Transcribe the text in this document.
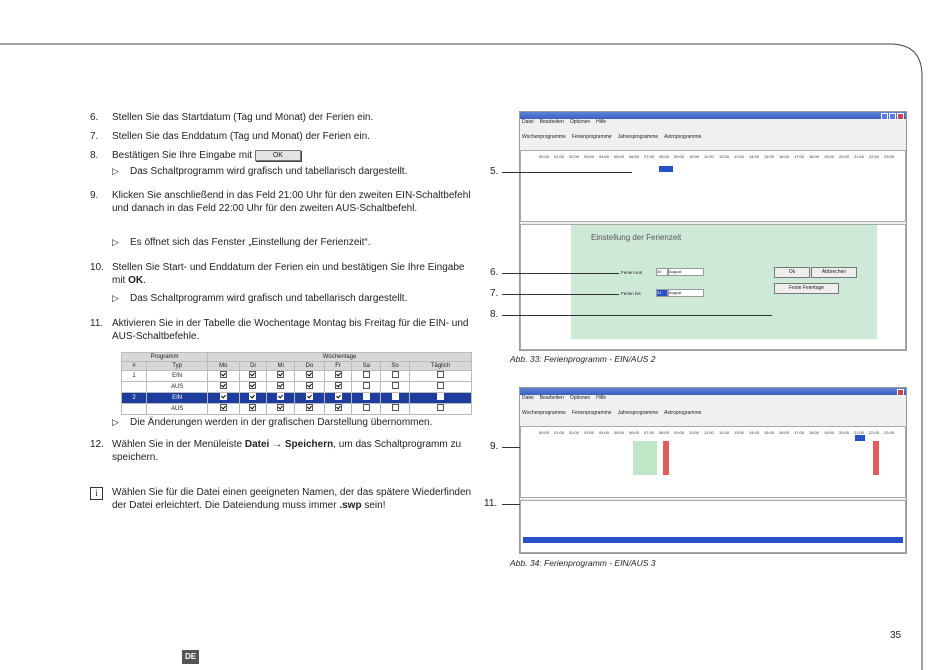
6. Stellen Sie das Startdatum (Tag und Monat) der Ferien ein.
7. Stellen Sie das Enddatum (Tag und Monat) der Ferien ein.
8. Bestätigen Sie Ihre Eingabe mit	OK
▷ Das Schaltprogramm wird grafisch und tabellarisch dargestellt.
9. Klicken Sie anschließend in das Feld 21:00 Uhr für den zweiten EIN-Schaltbefehl und danach in das Feld 22:00 Uhr für den zweiten AUS-Schaltbefehl.
▷ Es öffnet sich das Fenster „Einstellung der Ferienzeit“.
10. Stellen Sie Start- und Enddatum der Ferien ein und bestätigen Sie Ihre Eingabe mit OK.
▷ Das Schaltprogramm wird grafisch und tabellarisch dargestellt.
11. Aktivieren Sie in der Tabelle die Wochentage Montag bis Freitag für die EIN- und AUS-Schaltbefehle.
Programm		Wochentage							
#	Typ	Mo	Di	Mi	Do	Fr	Sa	So	Täglich
1	EIN								
	AUS								
2	EIN								
	AUS								
▷ Die Änderungen werden in der grafischen Darstellung übernommen.
12. Wählen Sie in der Menüleiste Datei → Speichern, um das Schaltprogramm zu speichern.
i	Wählen Sie für die Datei einen geeigneten Namen, der das spätere Wiederfinden der Datei erleichtert. Die Dateiendung muss immer .swp sein!
Datei Bearbeiten Optionen Hilfe
Wochenprogramme Ferienprogramme Jahresprogramme Astroprogramme
00:00 01:00 02:00 03:00 04:00 05:00 06:00 07:00 08:00 09:00 10:00 11:00 12:00 13:00 14:00 15:00 16:00 17:00 18:00 19:00 20:00 21:00 22:00 23:00
Einstellung der Ferienzeit
Ferien von	30	August
Ferien bis	31	August
Ok	Abbrechen
Feste Feiertage
5.
6.
7.
8.
Abb. 33: Ferienprogramm - EIN/AUS 2
Datei Bearbeiten Optionen Hilfe
Wochenprogramme Ferienprogramme Jahresprogramme Astroprogramme
00:00 01:00 02:00 03:00 04:00 05:00 06:00 07:00 08:00 09:00 10:00 11:00 12:00 13:00 14:00 15:00 16:00 17:00 18:00 19:00 20:00 21:00 22:00 23:00
9.
11.
Abb. 34: Ferienprogramm - EIN/AUS 3
35
DE
